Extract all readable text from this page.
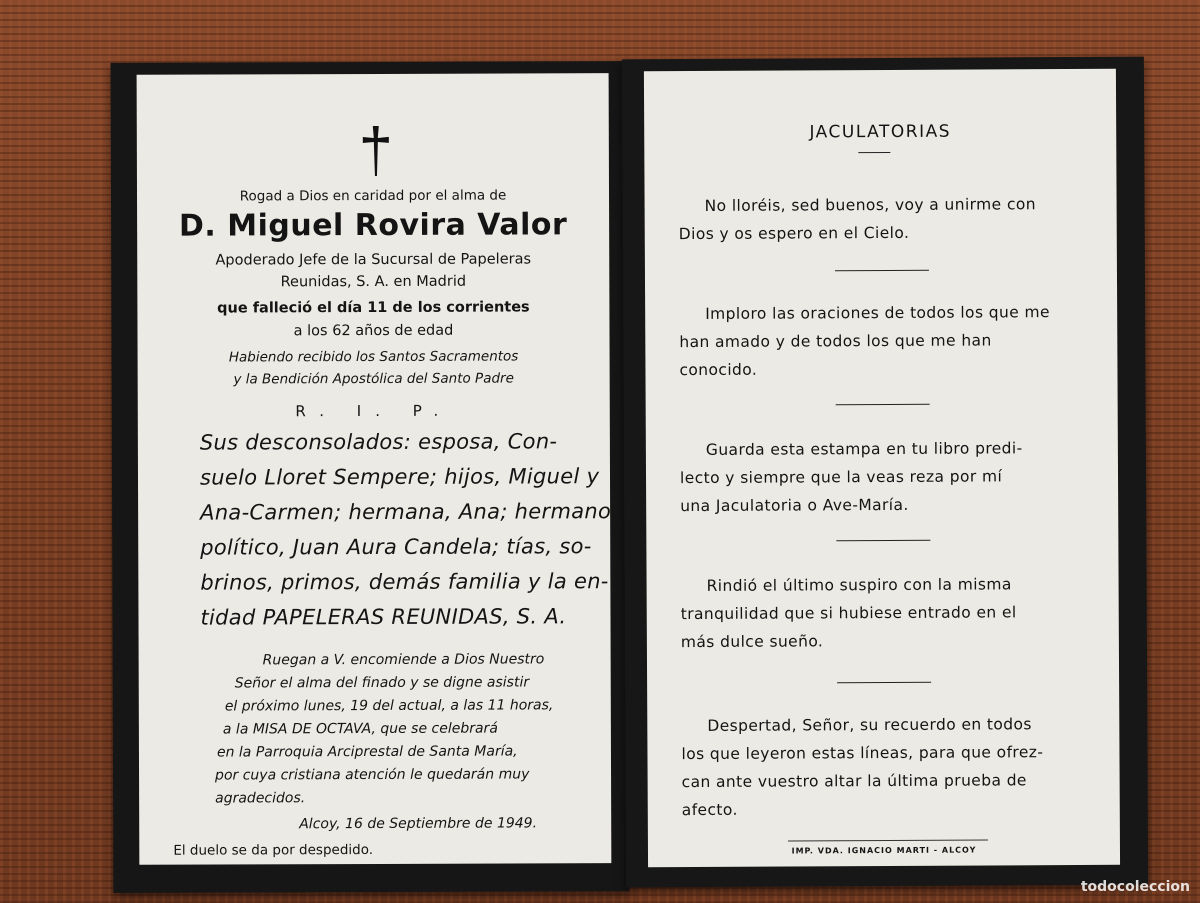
Rogad a Dios en caridad por el alma de
D. Miguel Rovira Valor
Apoderado Jefe de la Sucursal de Papeleras
Reunidas, S. A. en Madrid
que falleció el día 11 de los corrientes
a los 62 años de edad
Habiendo recibido los Santos Sacramentos
y la Bendición Apostólica del Santo Padre
R. I. P.
Sus desconsolados: esposa, Con-
suelo Lloret Sempere; hijos, Miguel y
Ana-Carmen; hermana, Ana; hermano
político, Juan Aura Candela; tías, so-
brinos, primos, demás familia y la en-
tidad PAPELERAS REUNIDAS, S. A.
Ruegan a V. encomiende a Dios Nuestro
Señor el alma del finado y se digne asistir
el próximo lunes, 19 del actual, a las 11 horas,
a la MISA DE OCTAVA, que se celebrará
en la Parroquia Arciprestal de Santa María,
por cuya cristiana atención le quedarán muy
agradecidos.
Alcoy, 16 de Septiembre de 1949.
El duelo se da por despedido.
JACULATORIAS
No lloréis, sed buenos, voy a unirme con
Dios y os espero en el Cielo.
Imploro las oraciones de todos los que me
han amado y de todos los que me han
conocido.
Guarda esta estampa en tu libro predi-
lecto y siempre que la veas reza por mí
una Jaculatoria o Ave-María.
Rindió el último suspiro con la misma
tranquilidad que si hubiese entrado en el
más dulce sueño.
Despertad, Señor, su recuerdo en todos
los que leyeron estas líneas, para que ofrez-
can ante vuestro altar la última prueba de
afecto.
IMP. VDA. IGNACIO MARTI - ALCOY
todocoleccion
